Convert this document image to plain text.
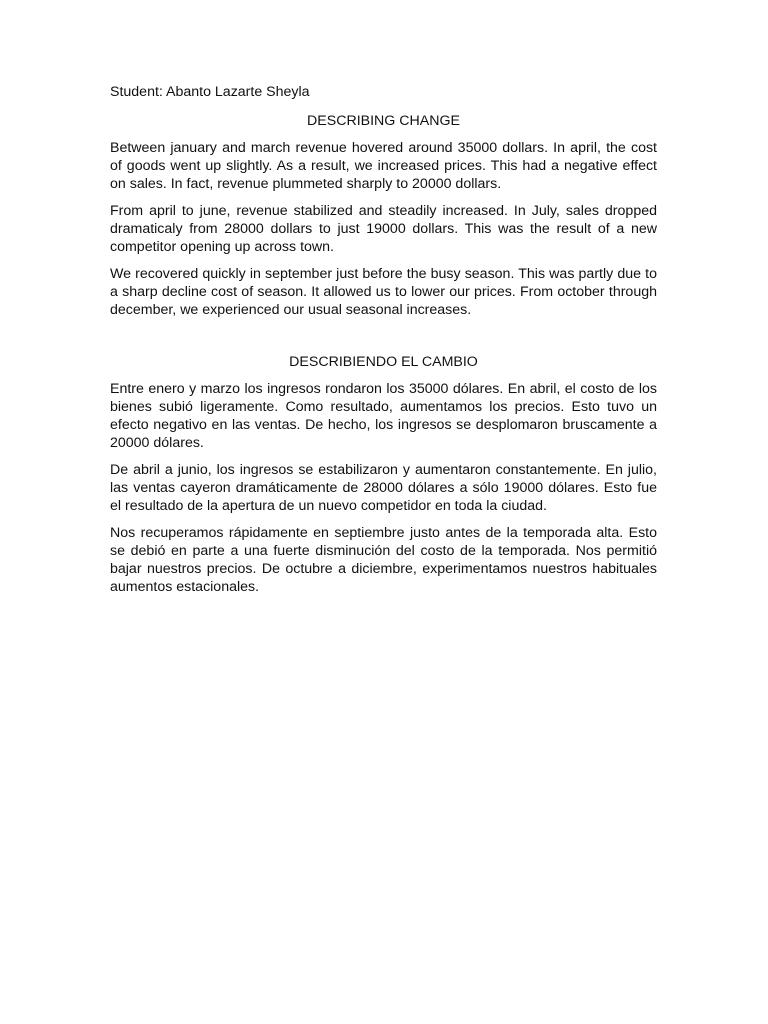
Student: Abanto Lazarte Sheyla
DESCRIBING CHANGE

Between january and march revenue hovered around 35000 dollars. In april, the cost of goods went up slightly. As a result, we increased prices. This had a negative effect on sales. In fact, revenue plummeted sharply to 20000 dollars.

From april to june, revenue stabilized and steadily increased. In July, sales dropped dramaticaly from 28000 dollars to just 19000 dollars. This was the result of a new competitor opening up across town.

We recovered quickly in september just before the busy season. This was partly due to a sharp decline cost of season. It allowed us to lower our prices. From october through december, we experienced our usual seasonal increases.

DESCRIBIENDO EL CAMBIO

Entre enero y marzo los ingresos rondaron los 35000 dólares. En abril, el costo de los bienes subió ligeramente. Como resultado, aumentamos los precios. Esto tuvo un efecto negativo en las ventas. De hecho, los ingresos se desplomaron bruscamente a 20000 dólares.

De abril a junio, los ingresos se estabilizaron y aumentaron constantemente. En julio, las ventas cayeron dramáticamente de 28000 dólares a sólo 19000 dólares. Esto fue el resultado de la apertura de un nuevo competidor en toda la ciudad.

Nos recuperamos rápidamente en septiembre justo antes de la temporada alta. Esto se debió en parte a una fuerte disminución del costo de la temporada. Nos permitió bajar nuestros precios. De octubre a diciembre, experimentamos nuestros habituales aumentos estacionales.
